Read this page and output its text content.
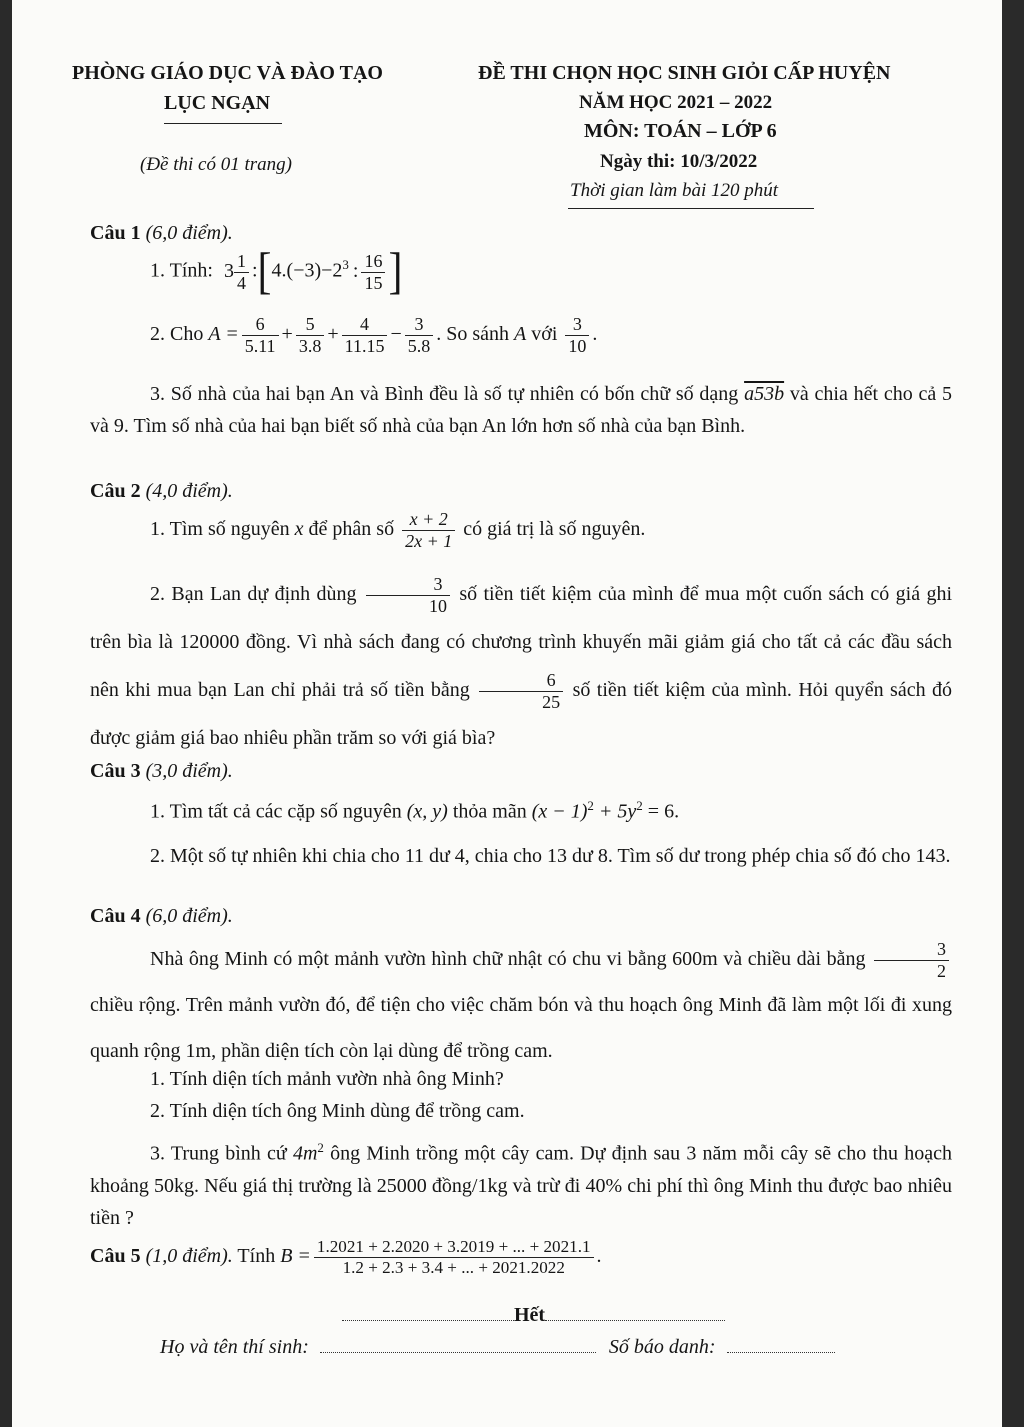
PHÒNG GIÁO DỤC VÀ ĐÀO TẠO
LỤC NGẠN
(Đề thi có 01 trang)
ĐỀ THI CHỌN HỌC SINH GIỎI CẤP HUYỆN
NĂM HỌC 2021 – 2022
MÔN: TOÁN – LỚP 6
Ngày thi: 10/3/2022
Thời gian làm bài 120 phút
Câu 1 (6,0 điểm).
1. Tính: $3 \frac{1}{4}$ $:[4.(-3)-2^3$ : $\frac{16}{15}$ ]
2. Cho $A = \frac{6}{5.11} + \frac{5}{3.8} + \frac{4}{11.15} - \frac{3}{5.8}$ . So sánh A với $\frac{3}{10}$ .
3. Số nhà của hai bạn An và Bình đều là số tự nhiên có bốn chữ số dạng a53b và chia hết cho cả 5 và 9. Tìm số nhà của hai bạn biết số nhà của bạn An lớn hơn số nhà của bạn Bình.
Câu 2 (4,0 điểm).
1. Tìm số nguyên x để phân số $\frac{x + 2}{2x + 1}$ có giá trị là số nguyên.
2. Bạn Lan dự định dùng $\frac{3}{10}$ số tiền tiết kiệm của mình để mua một cuốn sách có giá ghi trên bìa là 120000 đồng. Vì nhà sách đang có chương trình khuyến mãi giảm giá cho tất cả các đầu sách nên khi mua bạn Lan chỉ phải trả số tiền bằng $\frac{6}{25}$ số tiền tiết kiệm của mình. Hỏi quyển sách đó được giảm giá bao nhiêu phần trăm so với giá bìa?
Câu 3 (3,0 điểm).
1. Tìm tất cả các cặp số nguyên (x, y) thỏa mãn $(x - 1)^2 + 5y^2 = 6$.
2. Một số tự nhiên khi chia cho 11 dư 4, chia cho 13 dư 8. Tìm số dư trong phép chia số đó cho 143.
Câu 4 (6,0 điểm).
Nhà ông Minh có một mảnh vườn hình chữ nhật có chu vi bằng 600m và chiều dài bằng $\frac{3}{2}$
chiều rộng. Trên mảnh vườn đó, để tiện cho việc chăm bón và thu hoạch ông Minh đã làm một lối đi xung quanh rộng 1m, phần diện tích còn lại dùng để trồng cam.
1. Tính diện tích mảnh vườn nhà ông Minh?
2. Tính diện tích ông Minh dùng để trồng cam.
3. Trung bình cứ $4m^2$ ông Minh trồng một cây cam. Dự định sau 3 năm mỗi cây sẽ cho thu hoạch khoảng 50kg. Nếu giá thị trường là 25000 đồng/1kg và trừ đi 40% chi phí thì ông Minh thu được bao nhiêu tiền ?
Câu 5 (1,0 điểm). Tính $B = \frac{1.2021 + 2.2020 + 3.2019 + ... + 2021.1}{1.2 + 2.3 + 3.4 + ... + 2021.2022}$ .
Hết
Họ và tên thí sinh:	Số báo danh:
